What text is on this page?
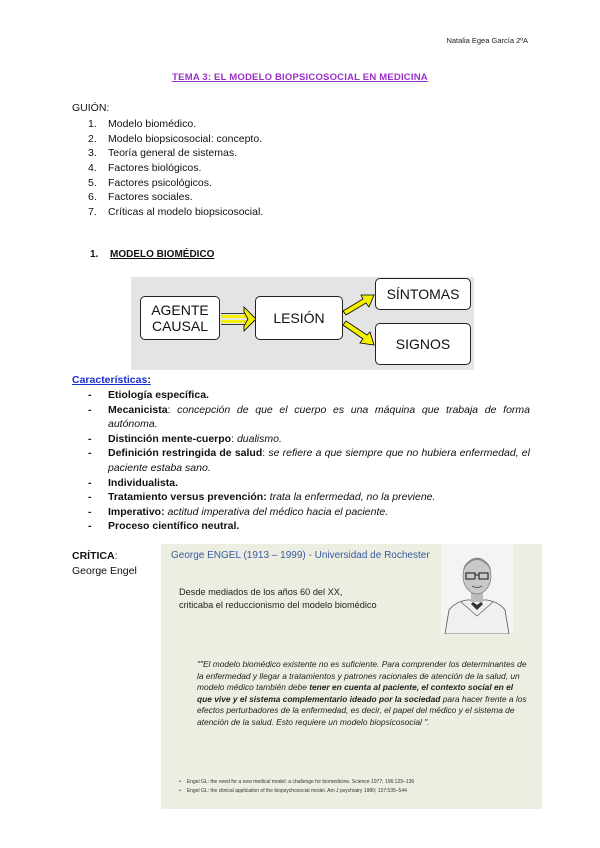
Natalia Egea García 2ºA
TEMA 3: EL MODELO BIOPSICOSOCIAL EN MEDICINA
GUIÓN:
1. Modelo biomédico.
2. Modelo biopsicosocial: concepto.
3. Teoría general de sistemas.
4. Factores biológicos.
5. Factores psicológicos.
6. Factores sociales.
7. Críticas al modelo biopsicosocial.
1. MODELO BIOMÉDICO
AGENTE
CAUSAL
LESIÓN
SÍNTOMAS
SIGNOS
Características:
- Etiología específica.
- Mecanicista: concepción de que el cuerpo es una máquina que trabaja de forma autónoma.
- Distinción mente-cuerpo: dualismo.
- Definición restringida de salud: se refiere a que siempre que no hubiera enfermedad, el paciente estaba sano.
- Individualista.
- Tratamiento versus prevención: trata la enfermedad, no la previene.
- Imperativo: actitud imperativa del médico hacia el paciente.
- Proceso científico neutral.
CRÍTICA:
George Engel
George ENGEL (1913 – 1999) - Universidad de Rochester
Desde mediados de los años 60 del XX,
criticaba el reduccionismo del modelo biomédico
""El modelo biomédico existente no es suficiente. Para comprender los determinantes de la enfermedad y llegar a tratamientos y patrones racionales de atención de la salud, un modelo médico también debe tener en cuenta al paciente, el contexto social en el que vive y el sistema complementario ideado por la sociedad para hacer frente a los efectos perturbadores de la enfermedad, es decir, el papel del médico y el sistema de atención de la salud. Esto requiere un modelo biopsicosocial ".
• Engel GL: the need for a new medical model: a challenge for biomedicine. Science 1977; 196:129–136
• Engel GL: the clinical application of the biopsychosocial model. Am J psychiatry 1980; 137:535–544
